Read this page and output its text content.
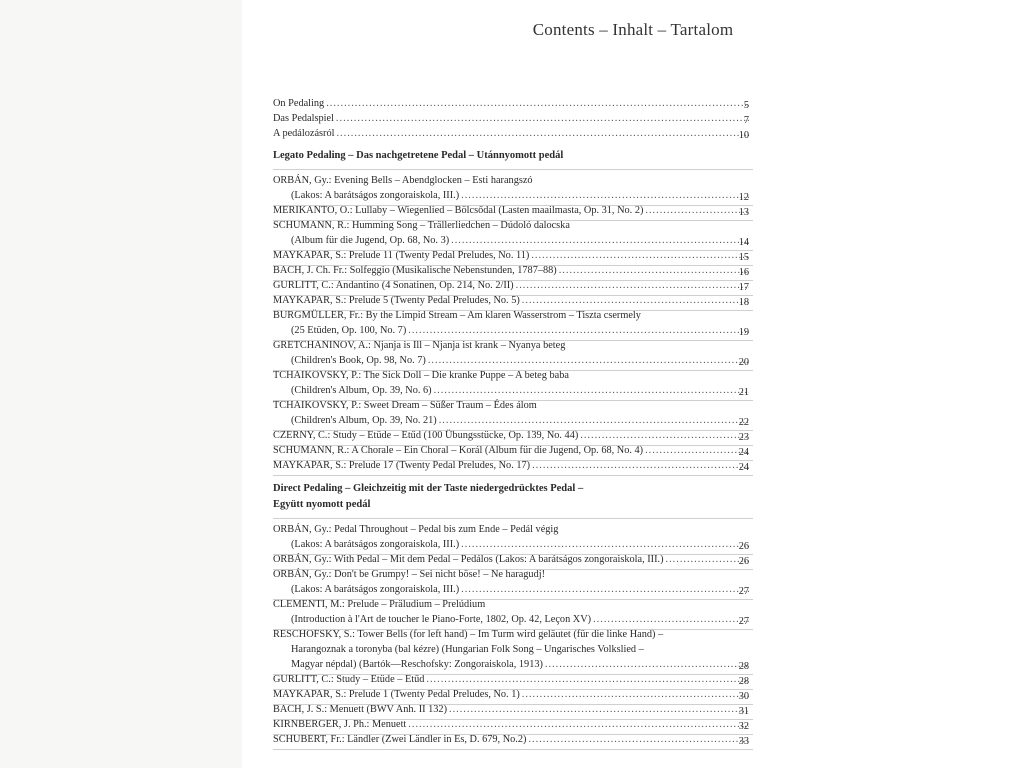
Contents – Inhalt – Tartalom
On Pedaling .....	5
Das Pedalspiel .....	7
A pedálozásról .....	10
Legato Pedaling – Das nachgetretene Pedal – Utánnyomott pedál
ORBÁN, Gy.: Evening Bells – Abendglocken – Esti harangszó
(Lakos: A barátságos zongoraiskola, III.) .....	12
MERIKANTO, O.: Lullaby – Wiegenlied – Bölcsődal (Lasten maailmasta, Op. 31, No. 2) .....	13
SCHUMANN, R.: Humming Song – Trällerliedchen – Dúdoló dalocska
(Album für die Jugend, Op. 68, No. 3) .....	14
MAYKAPAR, S.: Prelude 11 (Twenty Pedal Preludes, No. 11) .....	15
BACH, J. Ch. Fr.: Solfeggio (Musikalische Nebenstunden, 1787–88) .....	16
GURLITT, C.: Andantino (4 Sonatinen, Op. 214, No. 2/II) .....	17
MAYKAPAR, S.: Prelude 5 (Twenty Pedal Preludes, No. 5) .....	18
BURGMÜLLER, Fr.: By the Limpid Stream – Am klaren Wasserstrom – Tiszta csermely
(25 Etüden, Op. 100, No. 7) .....	19
GRETCHANINOV, A.: Njanja is Ill – Njanja ist krank – Nyanya beteg
(Children's Book, Op. 98, No. 7) .....	20
TCHAIKOVSKY, P.: The Sick Doll – Die kranke Puppe – A beteg baba
(Children's Album, Op. 39, No. 6) .....	21
TCHAIKOVSKY, P.: Sweet Dream – Süßer Traum – Édes álom
(Children's Album, Op. 39, No. 21) .....	22
CZERNY, C.: Study – Etüde – Etűd (100 Übungsstücke, Op. 139, No. 44) .....	23
SCHUMANN, R.: A Chorale – Ein Choral – Korál (Album für die Jugend, Op. 68, No. 4) .....	24
MAYKAPAR, S.: Prelude 17 (Twenty Pedal Preludes, No. 17) .....	24
Direct Pedaling – Gleichzeitig mit der Taste niedergedrücktes Pedal –
Együtt nyomott pedál
ORBÁN, Gy.: Pedal Throughout – Pedal bis zum Ende – Pedál végig
(Lakos: A barátságos zongoraiskola, III.) .....	26
ORBÁN, Gy.: With Pedal – Mit dem Pedal – Pedálos (Lakos: A barátságos zongoraiskola, III.) .....	26
ORBÁN, Gy.: Don't be Grumpy! – Sei nicht böse! – Ne haragudj!
(Lakos: A barátságos zongoraiskola, III.) .....	27
CLEMENTI, M.: Prelude – Präludium – Prelúdium
(Introduction à l'Art de toucher le Piano-Forte, 1802, Op. 42, Leçon XV) .....	27
RESCHOFSKY, S.: Tower Bells (for left hand) – Im Turm wird geläutet (für die linke Hand) –
Harangoznak a toronyba (bal kézre) (Hungarian Folk Song – Ungarisches Volkslied –
Magyar népdal) (Bartók—Reschofsky: Zongoraiskola, 1913) .....	28
GURLITT, C.: Study – Etüde – Etűd .....	28
MAYKAPAR, S.: Prelude 1 (Twenty Pedal Preludes, No. 1) .....	30
BACH, J. S.: Menuett (BWV Anh. II 132) .....	31
KIRNBERGER, J. Ph.: Menuett .....	32
SCHUBERT, Fr.: Ländler (Zwei Ländler in Es, D. 679, No.2) .....	33
